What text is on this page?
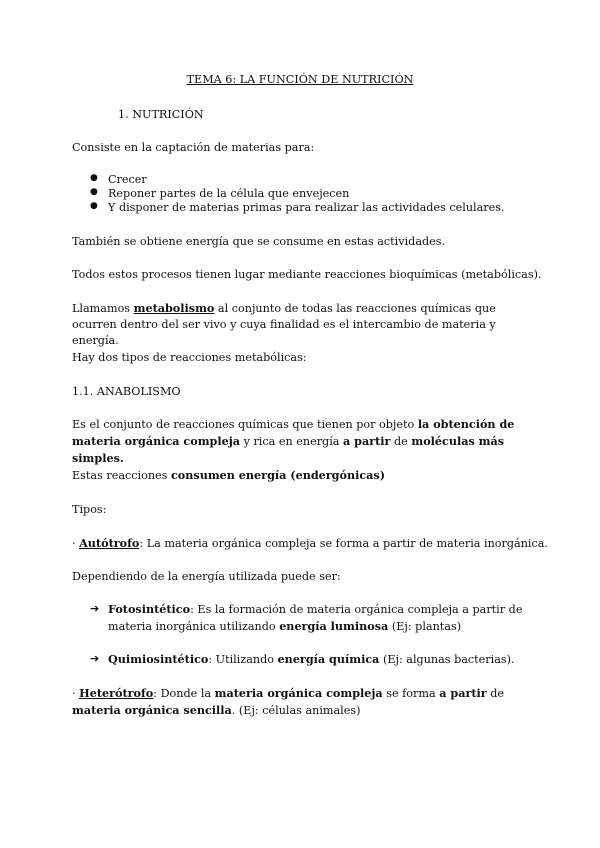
TEMA 6: LA FUNCIÓN DE NUTRICIÓN

1. NUTRICIÓN

Consiste en la captación de materias para:

● Crecer
● Reponer partes de la célula que envejecen
● Y disponer de materias primas para realizar las actividades celulares.

También se obtiene energía que se consume en estas actividades.

Todos estos procesos tienen lugar mediante reacciones bioquímicas (metabólicas).

Llamamos metabolismo al conjunto de todas las reacciones químicas que ocurren dentro del ser vivo y cuya finalidad es el intercambio de materia y energía.

Hay dos tipos de reacciones metabólicas:

1.1. ANABOLISMO

Es el conjunto de reacciones químicas que tienen por objeto la obtención de materia orgánica compleja y rica en energía a partir de moléculas más simples.

Estas reacciones consumen energía (endergónicas)

Tipos:

· Autótrofo: La materia orgánica compleja se forma a partir de materia inorgánica.

Dependiendo de la energía utilizada puede ser:

➔ Fotosintético: Es la formación de materia orgánica compleja a partir de materia inorgánica utilizando energía luminosa (Ej: plantas)
➔ Quimiosintético: Utilizando energía química (Ej: algunas bacterias).

· Heterótrofo: Donde la materia orgánica compleja se forma a partir de materia orgánica sencilla. (Ej: células animales)
